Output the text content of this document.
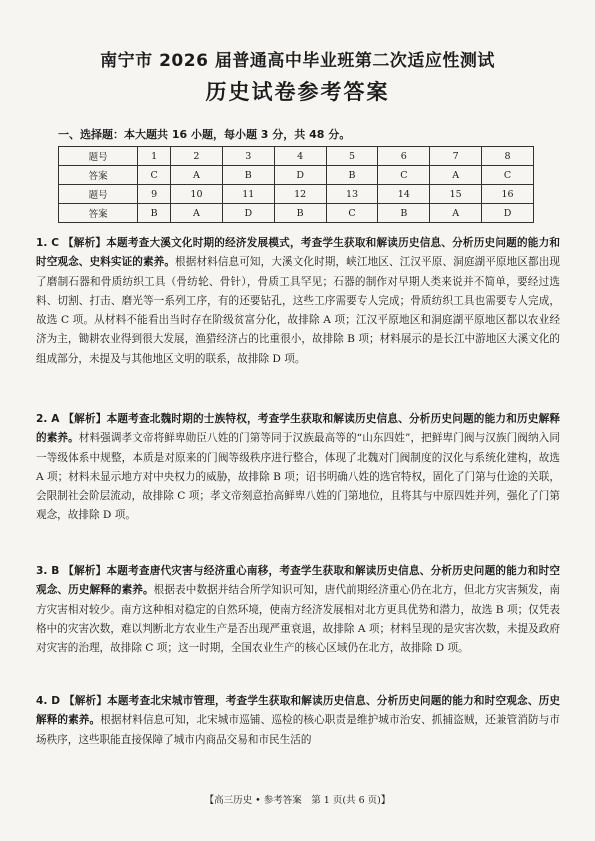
南宁市 2026 届普通高中毕业班第二次适应性测试
历史试卷参考答案
一、选择题：本大题共 16 小题，每小题 3 分，共 48 分。
题号	1	2	3	4	5	6	7	8
答案	C	A	B	D	B	C	A	C
题号	9	10	11	12	13	14	15	16
答案	B	A	D	B	C	B	A	D
1. C 【解析】本题考查大溪文化时期的经济发展模式，考查学生获取和解读历史信息、分析历史问题的能力和时空观念、史料实证的素养。根据材料信息可知，大溪文化时期，峡江地区、江汉平原、洞庭湖平原地区都出现了磨制石器和骨质纺织工具（骨纺轮、骨针），骨质工具罕见；石器的制作对早期人类来说并不简单，要经过选料、切割、打击、磨光等一系列工序，有的还要钻孔，这些工序需要专人完成；骨质纺织工具也需要专人完成，故选 C 项。从材料不能看出当时存在阶级贫富分化，故排除 A 项；江汉平原地区和洞庭湖平原地区都以农业经济为主，锄耕农业得到很大发展，渔猎经济占的比重很小，故排除 B 项；材料展示的是长江中游地区大溪文化的组成部分，未提及与其他地区文明的联系，故排除 D 项。
2. A 【解析】本题考查北魏时期的士族特权，考查学生获取和解读历史信息、分析历史问题的能力和历史解释的素养。材料强调孝文帝将鲜卑勋臣八姓的门第等同于汉族最高等的“山东四姓”，把鲜卑门阀与汉族门阀纳入同一等级体系中规整，本质是对原来的门阀等级秩序进行整合，体现了北魏对门阀制度的汉化与系统化建构，故选 A 项；材料未显示地方对中央权力的威胁，故排除 B 项；诏书明确八姓的选官特权，固化了门第与仕途的关联，会限制社会阶层流动，故排除 C 项；孝文帝刻意抬高鲜卑八姓的门第地位，且将其与中原四姓并列，强化了门第观念，故排除 D 项。
3. B 【解析】本题考查唐代灾害与经济重心南移，考查学生获取和解读历史信息、分析历史问题的能力和时空观念、历史解释的素养。根据表中数据并结合所学知识可知，唐代前期经济重心仍在北方，但北方灾害频发，南方灾害相对较少。南方这种相对稳定的自然环境，使南方经济发展相对北方更具优势和潜力，故选 B 项；仅凭表格中的灾害次数，难以判断北方农业生产是否出现严重衰退，故排除 A 项；材料呈现的是灾害次数，未提及政府对灾害的治理，故排除 C 项；这一时期，全国农业生产的核心区域仍在北方，故排除 D 项。
4. D 【解析】本题考查北宋城市管理，考查学生获取和解读历史信息、分析历史问题的能力和时空观念、历史解释的素养。根据材料信息可知，北宋城市巡铺、巡检的核心职责是维护城市治安、抓捕盗贼，还兼管消防与市场秩序，这些职能直接保障了城市内商品交易和市民生活的
【高三历史 • 参考答案　第 1 页(共 6 页)】
